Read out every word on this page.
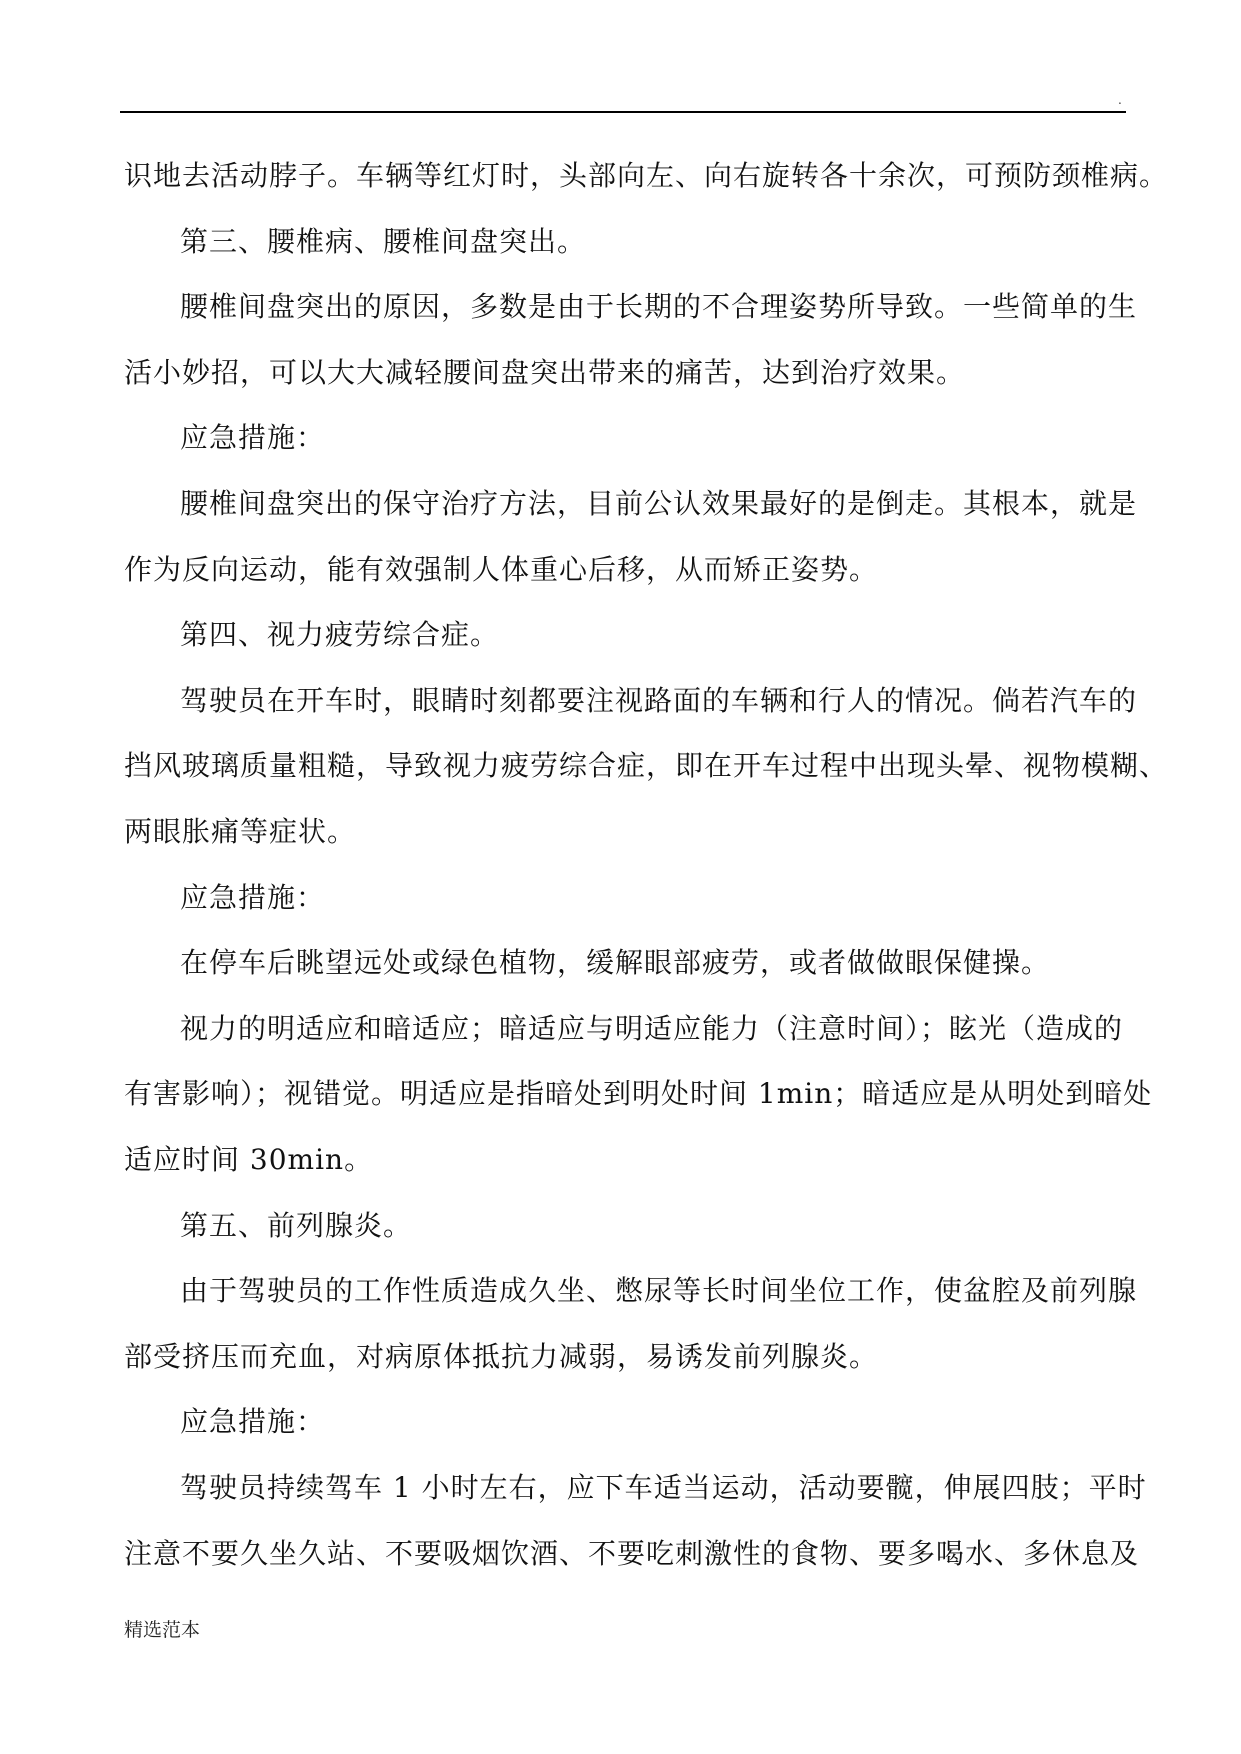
.
识地去活动脖子。车辆等红灯时，头部向左、向右旋转各十余次，可预防颈椎病。
第三、腰椎病、腰椎间盘突出。
腰椎间盘突出的原因，多数是由于长期的不合理姿势所导致。一些简单的生
活小妙招，可以大大减轻腰间盘突出带来的痛苦，达到治疗效果。
应急措施：
腰椎间盘突出的保守治疗方法，目前公认效果最好的是倒走。其根本，就是
作为反向运动，能有效强制人体重心后移，从而矫正姿势。
第四、视力疲劳综合症。
驾驶员在开车时，眼睛时刻都要注视路面的车辆和行人的情况。倘若汽车的
挡风玻璃质量粗糙，导致视力疲劳综合症，即在开车过程中出现头晕、视物模糊、
两眼胀痛等症状。
应急措施：
在停车后眺望远处或绿色植物，缓解眼部疲劳，或者做做眼保健操。
视力的明适应和暗适应；暗适应与明适应能力（注意时间）；眩光（造成的
有害影响）；视错觉。明适应是指暗处到明处时间 1min；暗适应是从明处到暗处
适应时间 30min。
第五、前列腺炎。
由于驾驶员的工作性质造成久坐、憋尿等长时间坐位工作，使盆腔及前列腺
部受挤压而充血，对病原体抵抗力减弱，易诱发前列腺炎。
应急措施：
驾驶员持续驾车 1 小时左右，应下车适当运动，活动要髋，伸展四肢；平时
注意不要久坐久站、不要吸烟饮酒、不要吃刺激性的食物、要多喝水、多休息及
精选范本
